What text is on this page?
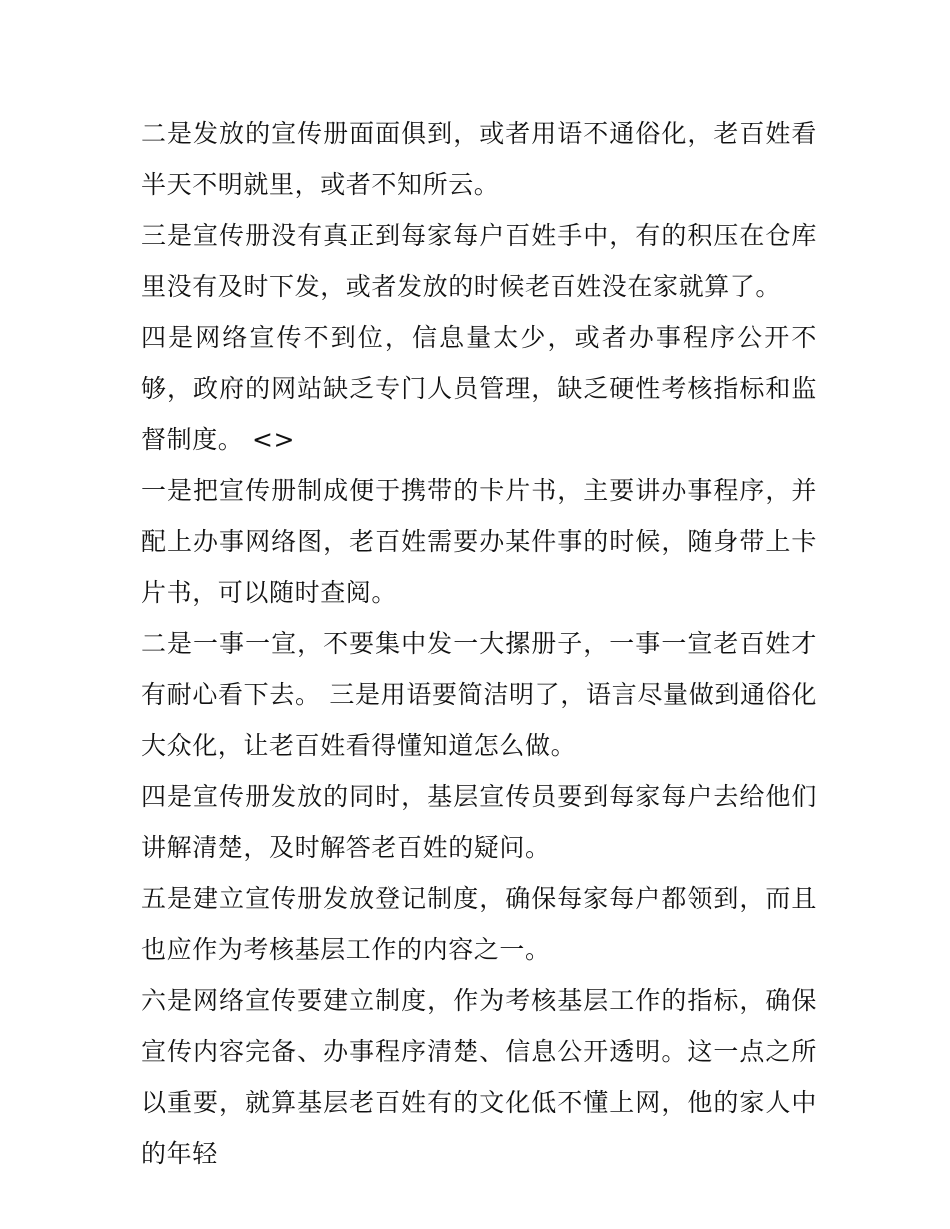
二是发放的宣传册面面俱到，或者用语不通俗化，老百姓看半天不明就里，或者不知所云。

三是宣传册没有真正到每家每户百姓手中，有的积压在仓库里没有及时下发，或者发放的时候老百姓没在家就算了。

四是网络宣传不到位，信息量太少，或者办事程序公开不够，政府的网站缺乏专门人员管理，缺乏硬性考核指标和监督制度。 <>

一是把宣传册制成便于携带的卡片书，主要讲办事程序，并配上办事网络图，老百姓需要办某件事的时候，随身带上卡片书，可以随时查阅。

二是一事一宣，不要集中发一大摞册子，一事一宣老百姓才有耐心看下去。 三是用语要简洁明了，语言尽量做到通俗化大众化，让老百姓看得懂知道怎么做。

四是宣传册发放的同时，基层宣传员要到每家每户去给他们讲解清楚，及时解答老百姓的疑问。

五是建立宣传册发放登记制度，确保每家每户都领到，而且也应作为考核基层工作的内容之一。

六是网络宣传要建立制度，作为考核基层工作的指标，确保宣传内容完备、办事程序清楚、信息公开透明。这一点之所以重要，就算基层老百姓有的文化低不懂上网，他的家人中的年轻
